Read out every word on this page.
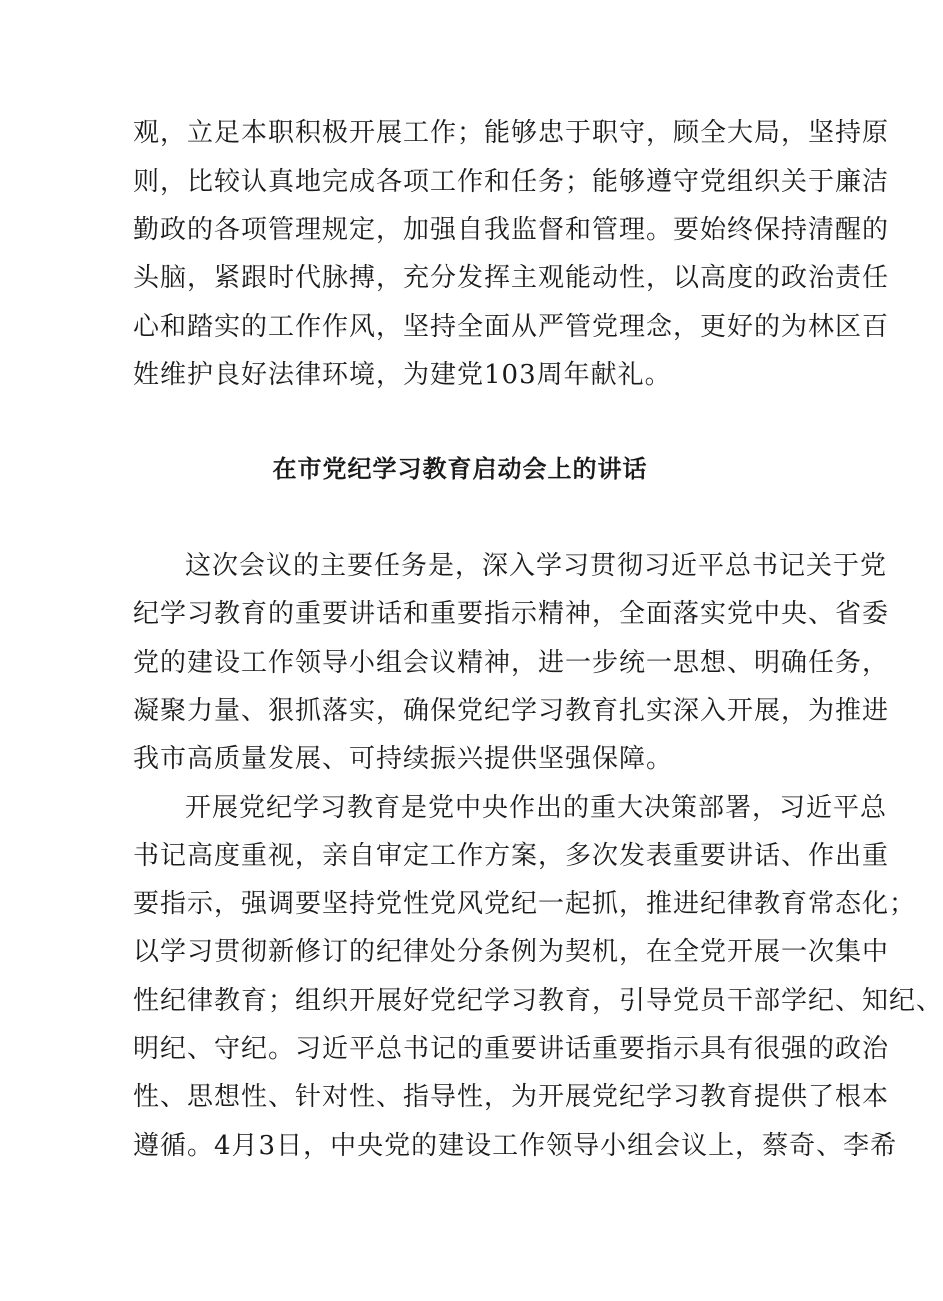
观，立足本职积极开展工作；能够忠于职守，顾全大局，坚持原
则，比较认真地完成各项工作和任务；能够遵守党组织关于廉洁
勤政的各项管理规定，加强自我监督和管理。要始终保持清醒的
头脑，紧跟时代脉搏，充分发挥主观能动性，以高度的政治责任
心和踏实的工作作风，坚持全面从严管党理念，更好的为林区百
姓维护良好法律环境，为建党103周年献礼。
在市党纪学习教育启动会上的讲话
这次会议的主要任务是，深入学习贯彻习近平总书记关于党
纪学习教育的重要讲话和重要指示精神，全面落实党中央、省委
党的建设工作领导小组会议精神，进一步统一思想、明确任务，
凝聚力量、狠抓落实，确保党纪学习教育扎实深入开展，为推进
我市高质量发展、可持续振兴提供坚强保障。
开展党纪学习教育是党中央作出的重大决策部署，习近平总
书记高度重视，亲自审定工作方案，多次发表重要讲话、作出重
要指示，强调要坚持党性党风党纪一起抓，推进纪律教育常态化；
以学习贯彻新修订的纪律处分条例为契机，在全党开展一次集中
性纪律教育；组织开展好党纪学习教育，引导党员干部学纪、知纪、
明纪、守纪。习近平总书记的重要讲话重要指示具有很强的政治
性、思想性、针对性、指导性，为开展党纪学习教育提供了根本
遵循。4月3日，中央党的建设工作领导小组会议上，蔡奇、李希
